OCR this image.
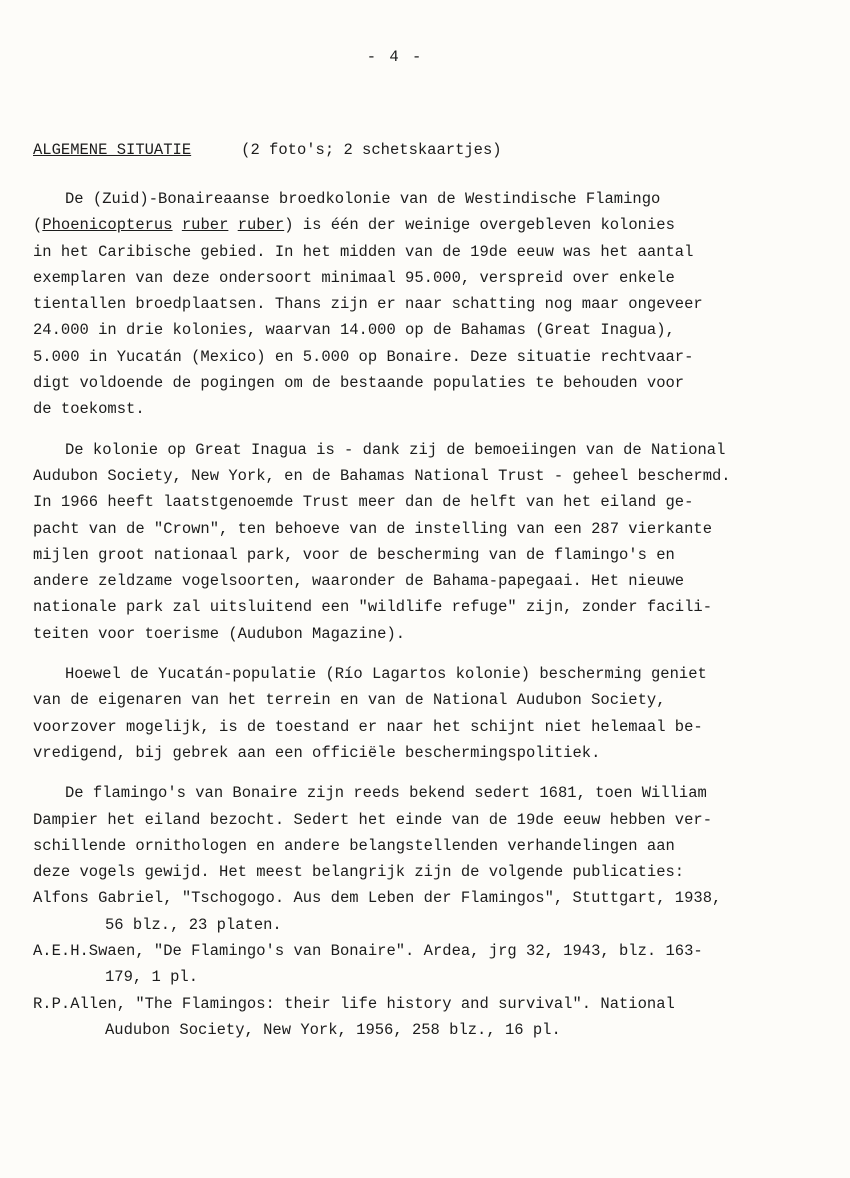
- 4 -
ALGEMENE SITUATIE	(2 foto's; 2 schetskaartjes)
De (Zuid)-Bonaireaanse broedkolonie van de Westindische Flamingo
(Phoenicopterus ruber ruber) is één der weinige overgebleven kolonies
in het Caribische gebied. In het midden van de 19de eeuw was het aantal
exemplaren van deze ondersoort minimaal 95.000, verspreid over enkele
tientallen broedplaatsen. Thans zijn er naar schatting nog maar ongeveer
24.000 in drie kolonies, waarvan 14.000 op de Bahamas (Great Inagua),
5.000 in Yucatán (Mexico) en 5.000 op Bonaire. Deze situatie rechtvaar-
digt voldoende de pogingen om de bestaande populaties te behouden voor
de toekomst.
De kolonie op Great Inagua is - dank zij de bemoeiingen van de National
Audubon Society, New York, en de Bahamas National Trust - geheel beschermd.
In 1966 heeft laatstgenoemde Trust meer dan de helft van het eiland ge-
pacht van de "Crown", ten behoeve van de instelling van een 287 vierkante
mijlen groot nationaal park, voor de bescherming van de flamingo's en
andere zeldzame vogelsoorten, waaronder de Bahama-papegaai. Het nieuwe
nationale park zal uitsluitend een "wildlife refuge" zijn, zonder facili-
teiten voor toerisme (Audubon Magazine).
Hoewel de Yucatán-populatie (Río Lagartos kolonie) bescherming geniet
van de eigenaren van het terrein en van de National Audubon Society,
voorzover mogelijk, is de toestand er naar het schijnt niet helemaal be-
vredigend, bij gebrek aan een officiële beschermingspolitiek.
De flamingo's van Bonaire zijn reeds bekend sedert 1681, toen William
Dampier het eiland bezocht. Sedert het einde van de 19de eeuw hebben ver-
schillende ornithologen en andere belangstellenden verhandelingen aan
deze vogels gewijd. Het meest belangrijk zijn de volgende publicaties:
Alfons Gabriel, "Tschogogo. Aus dem Leben der Flamingos", Stuttgart, 1938,
56 blz., 23 platen.
A.E.H.Swaen, "De Flamingo's van Bonaire". Ardea, jrg 32, 1943, blz. 163-
179, 1 pl.
R.P.Allen, "The Flamingos: their life history and survival". National
Audubon Society, New York, 1956, 258 blz., 16 pl.
